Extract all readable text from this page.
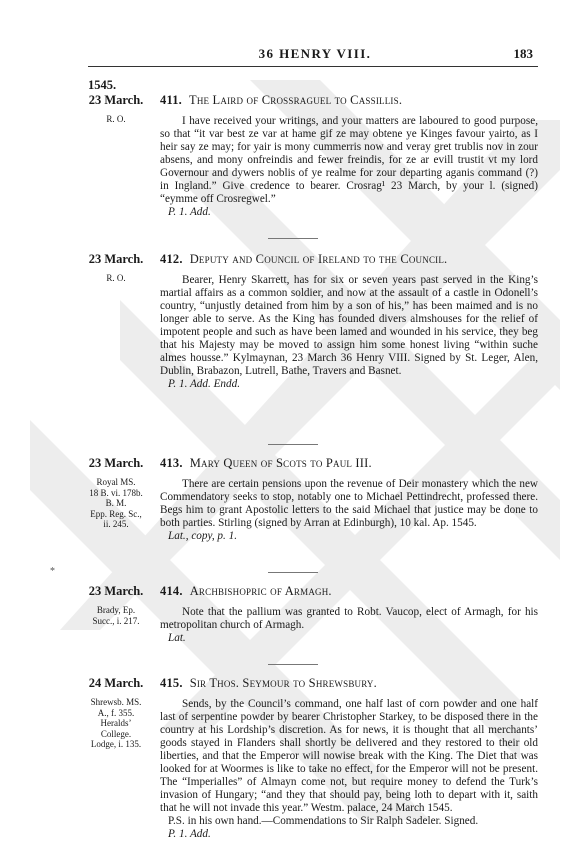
36 HENRY VIII.	183
1545.
23 March.
R. O.
411. The Laird of Crossraguel to Cassillis.

I have received your writings, and your matters are laboured to good purpose, so that “it var best ze var at hame gif ze may obtene ye Kinges favour yairto, as I heir say ze may; for yair is mony cummerris now and veray gret trublis nov in zour absens, and mony onfreindis and fewer freindis, for ze ar evill trustit vt my lord Governour and dywers noblis of ye realme for zour departing aganis command (?) in Ingland.” Give credence to bearer. Crosrag¹ 23 March, by your l. (signed) “eymme off Crosregwel.”

P. 1. Add.

23 March.
R. O.
412. Deputy and Council of Ireland to the Council.

Bearer, Henry Skarrett, has for six or seven years past served in the King’s martial affairs as a common soldier, and now at the assault of a castle in Odonell’s country, “unjustly detained from him by a son of his,” has been maimed and is no longer able to serve. As the King has founded divers almshouses for the relief of impotent people and such as have been lamed and wounded in his service, they beg that his Majesty may be moved to assign him some honest living “within suche almes housse.” Kylmaynan, 23 March 36 Henry VIII. Signed by St. Leger, Alen, Dublin, Brabazon, Lutrell, Bathe, Travers and Basnet.

P. 1. Add. Endd.

23 March.
Royal MS.
18 B. vi. 178b.
B. M.
Epp. Reg. Sc.,
ii. 245.
413. Mary Queen of Scots to Paul III.

There are certain pensions upon the revenue of Deir monastery which the new Commendatory seeks to stop, notably one to Michael Pettindrecht, professed there. Begs him to grant Apostolic letters to the said Michael that justice may be done to both parties. Stirling (signed by Arran at Edinburgh), 10 kal. Ap. 1545.

Lat., copy, p. 1.

23 March.
Brady, Ep.
Succ., i. 217.
414. Archbishopric of Armagh.

Note that the pallium was granted to Robt. Vaucop, elect of Armagh, for his metropolitan church of Armagh.

Lat.

24 March.
Shrewsb. MS.
A., f. 355.
Heralds’
College.
Lodge, i. 135.
415. Sir Thos. Seymour to Shrewsbury.

Sends, by the Council’s command, one half last of corn powder and one half last of serpentine powder by bearer Christopher Starkey, to be disposed there in the country at his Lordship’s discretion. As for news, it is thought that all merchants’ goods stayed in Flanders shall shortly be delivered and they restored to their old liberties, and that the Emperor will nowise break with the King. The Diet that was looked for at Woormes is like to take no effect, for the Emperor will not be present. The “Imperialles” of Almayn come not, but require money to defend the Turk’s invasion of Hungary; “and they that should pay, being loth to depart with it, saith that he will not invade this year.” Westm. palace, 24 March 1545.

P.S. in his own hand.—Commendations to Sir Ralph Sadeler. Signed.

P. 1. Add.

*
